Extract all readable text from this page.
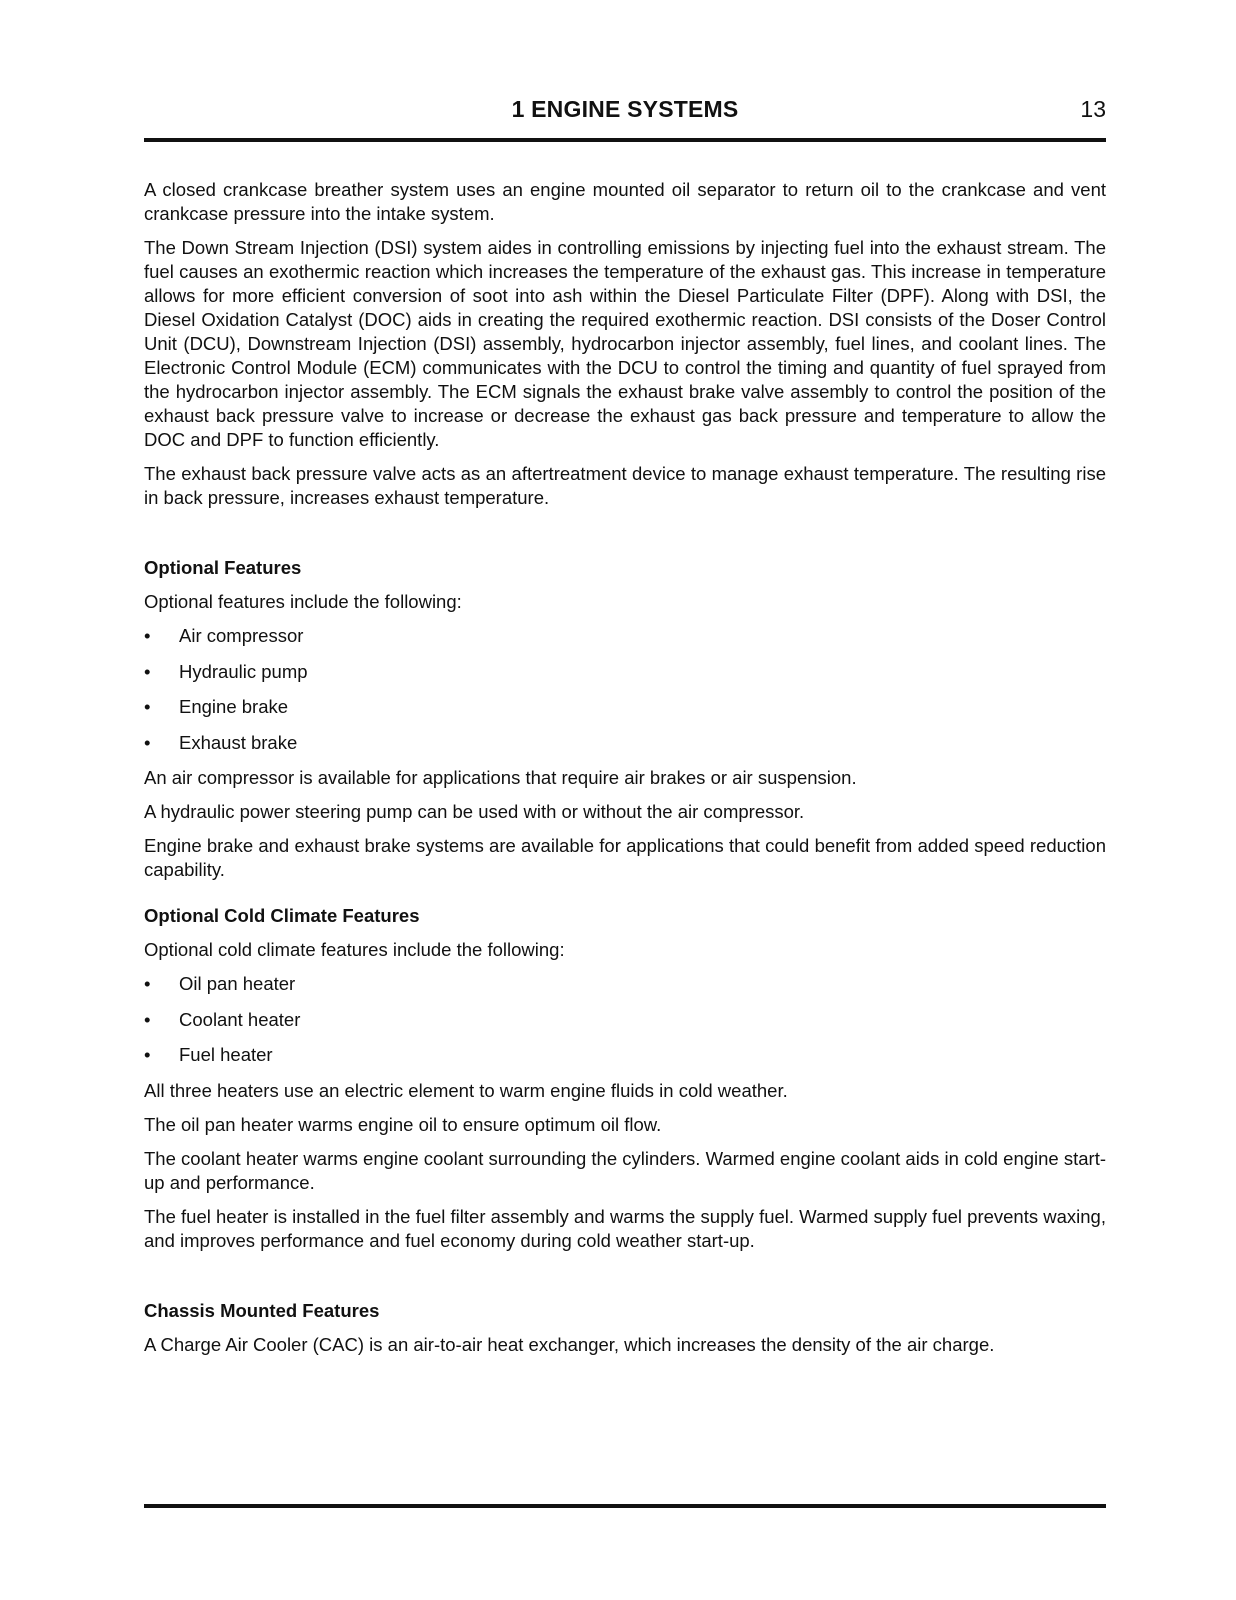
1 ENGINE SYSTEMS	13

A closed crankcase breather system uses an engine mounted oil separator to return oil to the crankcase and vent crankcase pressure into the intake system.

The Down Stream Injection (DSI) system aides in controlling emissions by injecting fuel into the exhaust stream. The fuel causes an exothermic reaction which increases the temperature of the exhaust gas. This increase in temperature allows for more efficient conversion of soot into ash within the Diesel Particulate Filter (DPF). Along with DSI, the Diesel Oxidation Catalyst (DOC) aids in creating the required exothermic reaction. DSI consists of the Doser Control Unit (DCU), Downstream Injection (DSI) assembly, hydrocarbon injector assembly, fuel lines, and coolant lines. The Electronic Control Module (ECM) communicates with the DCU to control the timing and quantity of fuel sprayed from the hydrocarbon injector assembly. The ECM signals the exhaust brake valve assembly to control the position of the exhaust back pressure valve to increase or decrease the exhaust gas back pressure and temperature to allow the DOC and DPF to function efficiently.

The exhaust back pressure valve acts as an aftertreatment device to manage exhaust temperature. The resulting rise in back pressure, increases exhaust temperature.

Optional Features

Optional features include the following:

• Air compressor
• Hydraulic pump
• Engine brake
• Exhaust brake

An air compressor is available for applications that require air brakes or air suspension.

A hydraulic power steering pump can be used with or without the air compressor.

Engine brake and exhaust brake systems are available for applications that could benefit from added speed reduction capability.

Optional Cold Climate Features

Optional cold climate features include the following:

• Oil pan heater
• Coolant heater
• Fuel heater

All three heaters use an electric element to warm engine fluids in cold weather.

The oil pan heater warms engine oil to ensure optimum oil flow.

The coolant heater warms engine coolant surrounding the cylinders. Warmed engine coolant aids in cold engine start-up and performance.

The fuel heater is installed in the fuel filter assembly and warms the supply fuel. Warmed supply fuel prevents waxing, and improves performance and fuel economy during cold weather start-up.

Chassis Mounted Features

A Charge Air Cooler (CAC) is an air-to-air heat exchanger, which increases the density of the air charge.
